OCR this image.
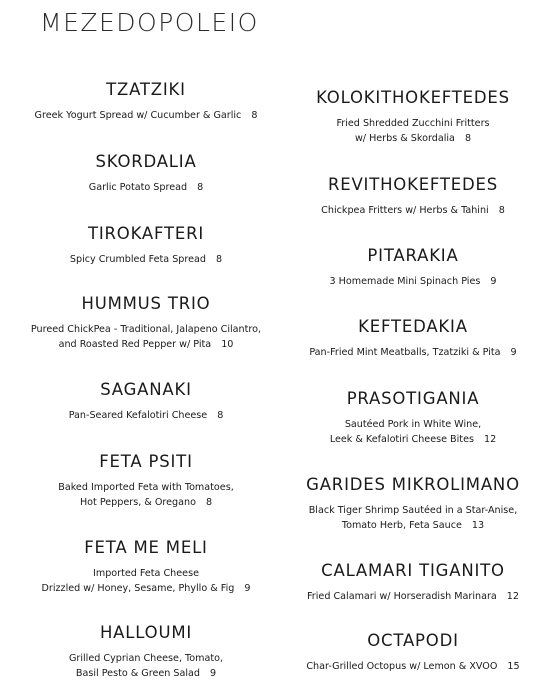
MEZEDOPOLEIO
TZATZIKI
Greek Yogurt Spread w/ Cucumber & Garlic 8
SKORDALIA
Garlic Potato Spread 8
TIROKAFTERI
Spicy Crumbled Feta Spread 8
HUMMUS TRIO
Pureed ChickPea - Traditional, Jalapeno Cilantro,
and Roasted Red Pepper w/ Pita 10
SAGANAKI
Pan-Seared Kefalotiri Cheese 8
FETA PSITI
Baked Imported Feta with Tomatoes,
Hot Peppers, & Oregano 8
FETA ME MELI
Imported Feta Cheese
Drizzled w/ Honey, Sesame, Phyllo & Fig 9
HALLOUMI
Grilled Cyprian Cheese, Tomato,
Basil Pesto & Green Salad 9
KOLOKITHOKEFTEDES
Fried Shredded Zucchini Fritters
w/ Herbs & Skordalia 8
REVITHOKEFTEDES
Chickpea Fritters w/ Herbs & Tahini 8
PITARAKIA
3 Homemade Mini Spinach Pies 9
KEFTEDAKIA
Pan-Fried Mint Meatballs, Tzatziki & Pita 9
PRASOTIGANIA
Sautéed Pork in White Wine,
Leek & Kefalotiri Cheese Bites 12
GARIDES MIKROLIMANO
Black Tiger Shrimp Sautéed in a Star-Anise,
Tomato Herb, Feta Sauce 13
CALAMARI TIGANITO
Fried Calamari w/ Horseradish Marinara 12
OCTAPODI
Char-Grilled Octopus w/ Lemon & XVOO 15
